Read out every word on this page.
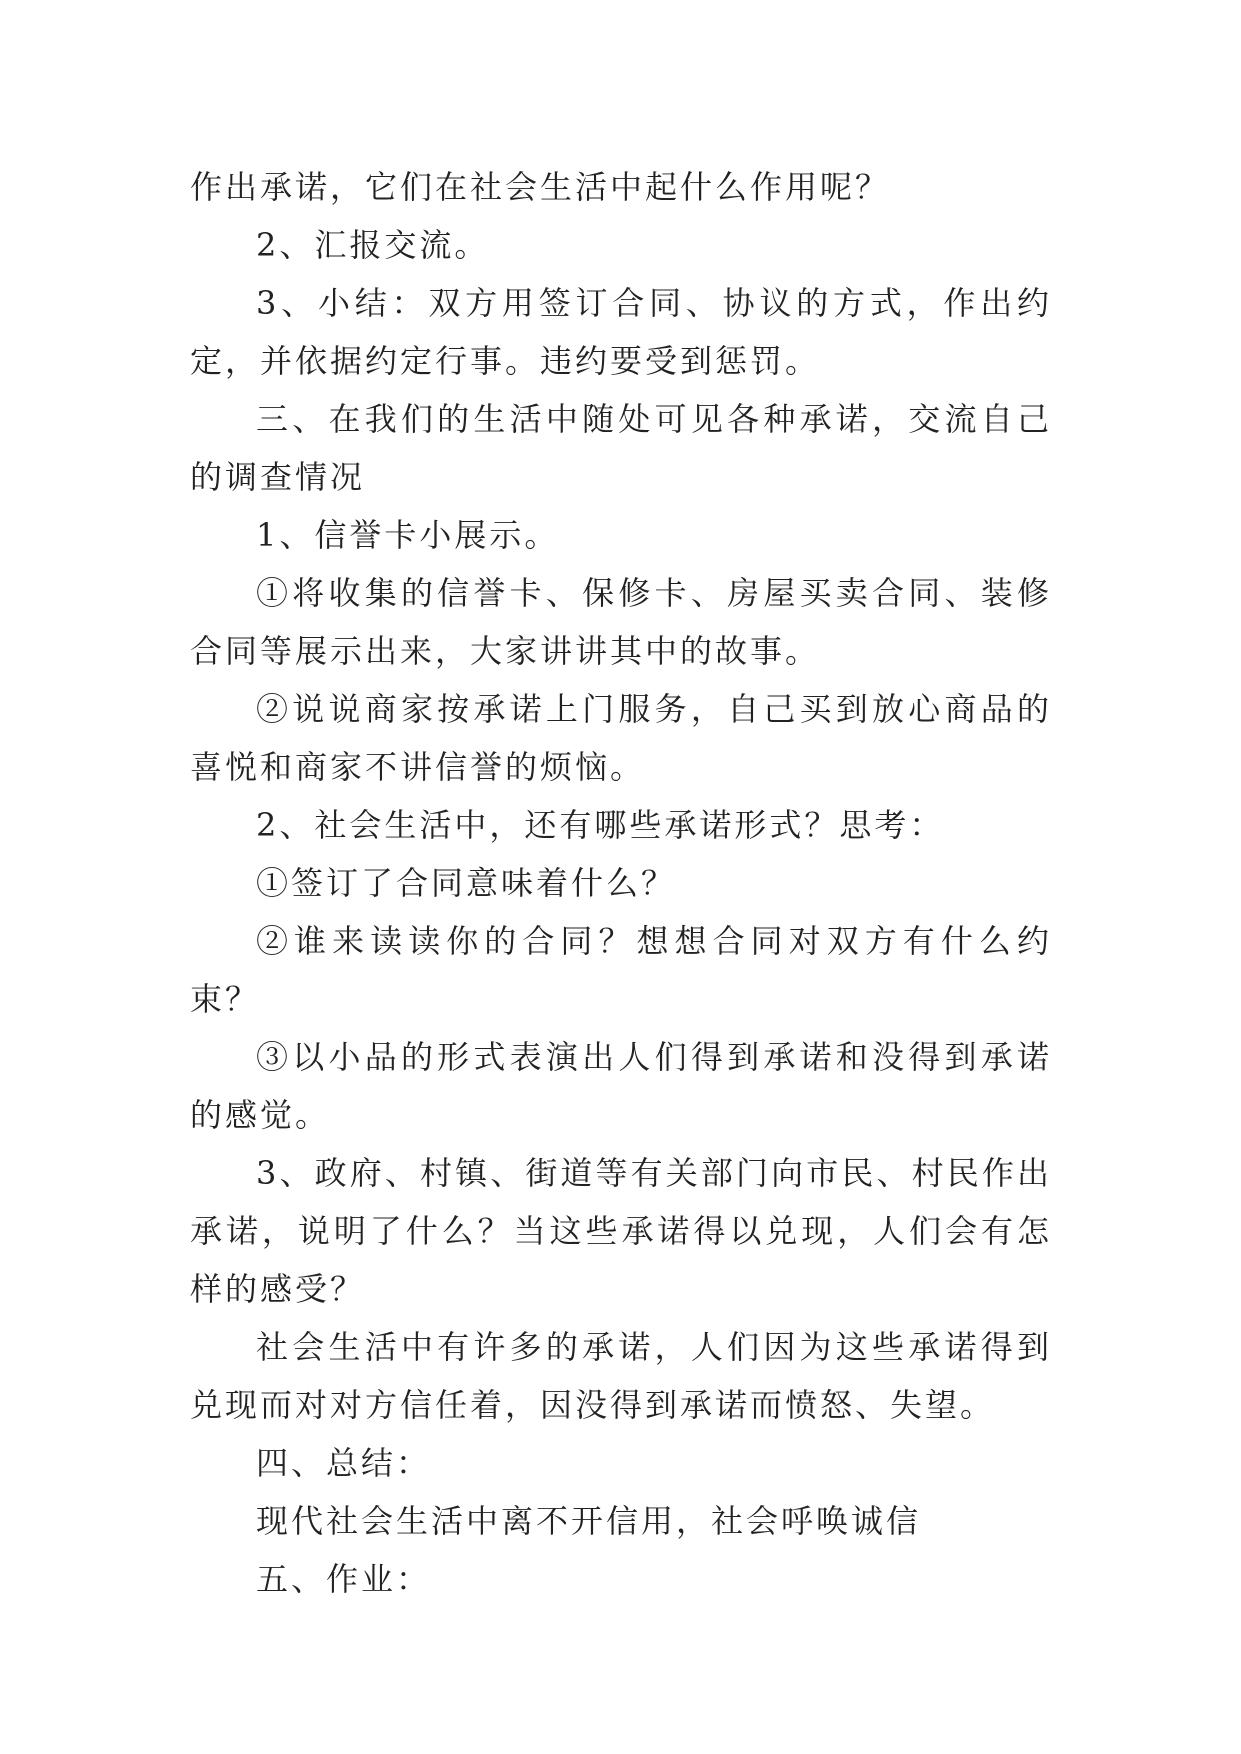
作出承诺，它们在社会生活中起什么作用呢？

2、汇报交流。

3、小结：双方用签订合同、协议的方式，作出约定，并依据约定行事。违约要受到惩罚。

三、在我们的生活中随处可见各种承诺，交流自己的调查情况

1、信誉卡小展示。

①将收集的信誉卡、保修卡、房屋买卖合同、装修合同等展示出来，大家讲讲其中的故事。

②说说商家按承诺上门服务，自己买到放心商品的喜悦和商家不讲信誉的烦恼。

2、社会生活中，还有哪些承诺形式？思考：

①签订了合同意味着什么？

②谁来读读你的合同？想想合同对双方有什么约束？

③以小品的形式表演出人们得到承诺和没得到承诺的感觉。

3、政府、村镇、街道等有关部门向市民、村民作出承诺，说明了什么？当这些承诺得以兑现，人们会有怎样的感受？

社会生活中有许多的承诺，人们因为这些承诺得到兑现而对对方信任着，因没得到承诺而愤怒、失望。

四、总结：

现代社会生活中离不开信用，社会呼唤诚信

五、作业：
